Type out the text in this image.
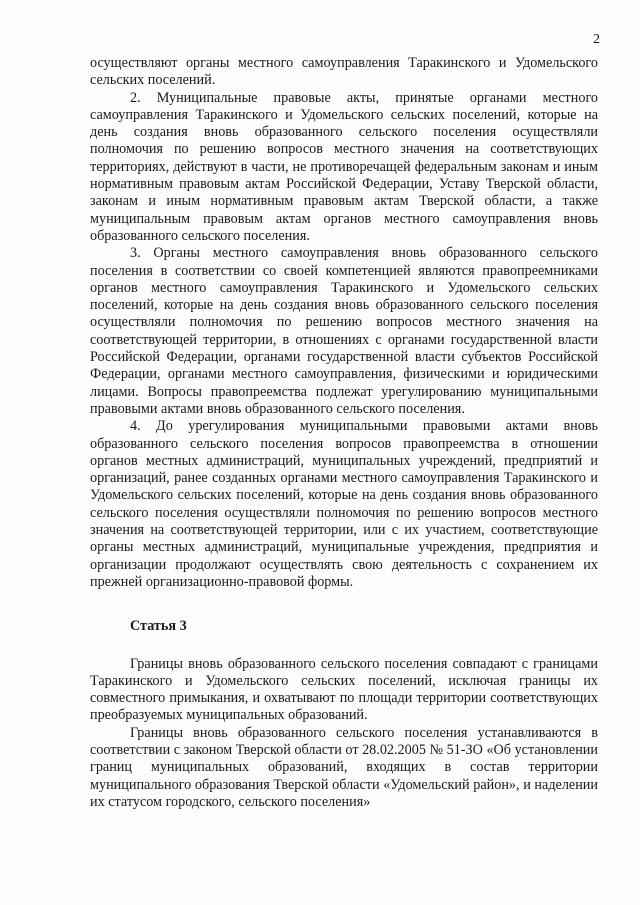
2

осуществляют органы местного самоуправления Таракинского и Удомельского сельских поселений.

2. Муниципальные правовые акты, принятые органами местного самоуправления Таракинского и Удомельского сельских поселений, которые на день создания вновь образованного сельского поселения осуществляли полномочия по решению вопросов местного значения на соответствующих территориях, действуют в части, не противоречащей федеральным законам и иным нормативным правовым актам Российской Федерации, Уставу Тверской области, законам и иным нормативным правовым актам Тверской области, а также муниципальным правовым актам органов местного самоуправления вновь образованного сельского поселения.

3. Органы местного самоуправления вновь образованного сельского поселения в соответствии со своей компетенцией являются правопреемниками органов местного самоуправления Таракинского и Удомельского сельских поселений, которые на день создания вновь образованного сельского поселения осуществляли полномочия по решению вопросов местного значения на соответствующей территории, в отношениях с органами государственной власти Российской Федерации, органами государственной власти субъектов Российской Федерации, органами местного самоуправления, физическими и юридическими лицами. Вопросы правопреемства подлежат урегулированию муниципальными правовыми актами вновь образованного сельского поселения.

4. До урегулирования муниципальными правовыми актами вновь образованного сельского поселения вопросов правопреемства в отношении органов местных администраций, муниципальных учреждений, предприятий и организаций, ранее созданных органами местного самоуправления Таракинского и Удомельского сельских поселений, которые на день создания вновь образованного сельского поселения осуществляли полномочия по решению вопросов местного значения на соответствующей территории, или с их участием, соответствующие органы местных администраций, муниципальные учреждения, предприятия и организации продолжают осуществлять свою деятельность с сохранением их прежней организационно-правовой формы.

Статья 3

Границы вновь образованного сельского поселения совпадают с границами Таракинского и Удомельского сельских поселений, исключая границы их совместного примыкания, и охватывают по площади территории соответствующих преобразуемых муниципальных образований.

Границы вновь образованного сельского поселения устанавливаются в соответствии с законом Тверской области от 28.02.2005 № 51-ЗО «Об установлении границ муниципальных образований, входящих в состав территории муниципального образования Тверской области «Удомельский район», и наделении их статусом городского, сельского поселения»
